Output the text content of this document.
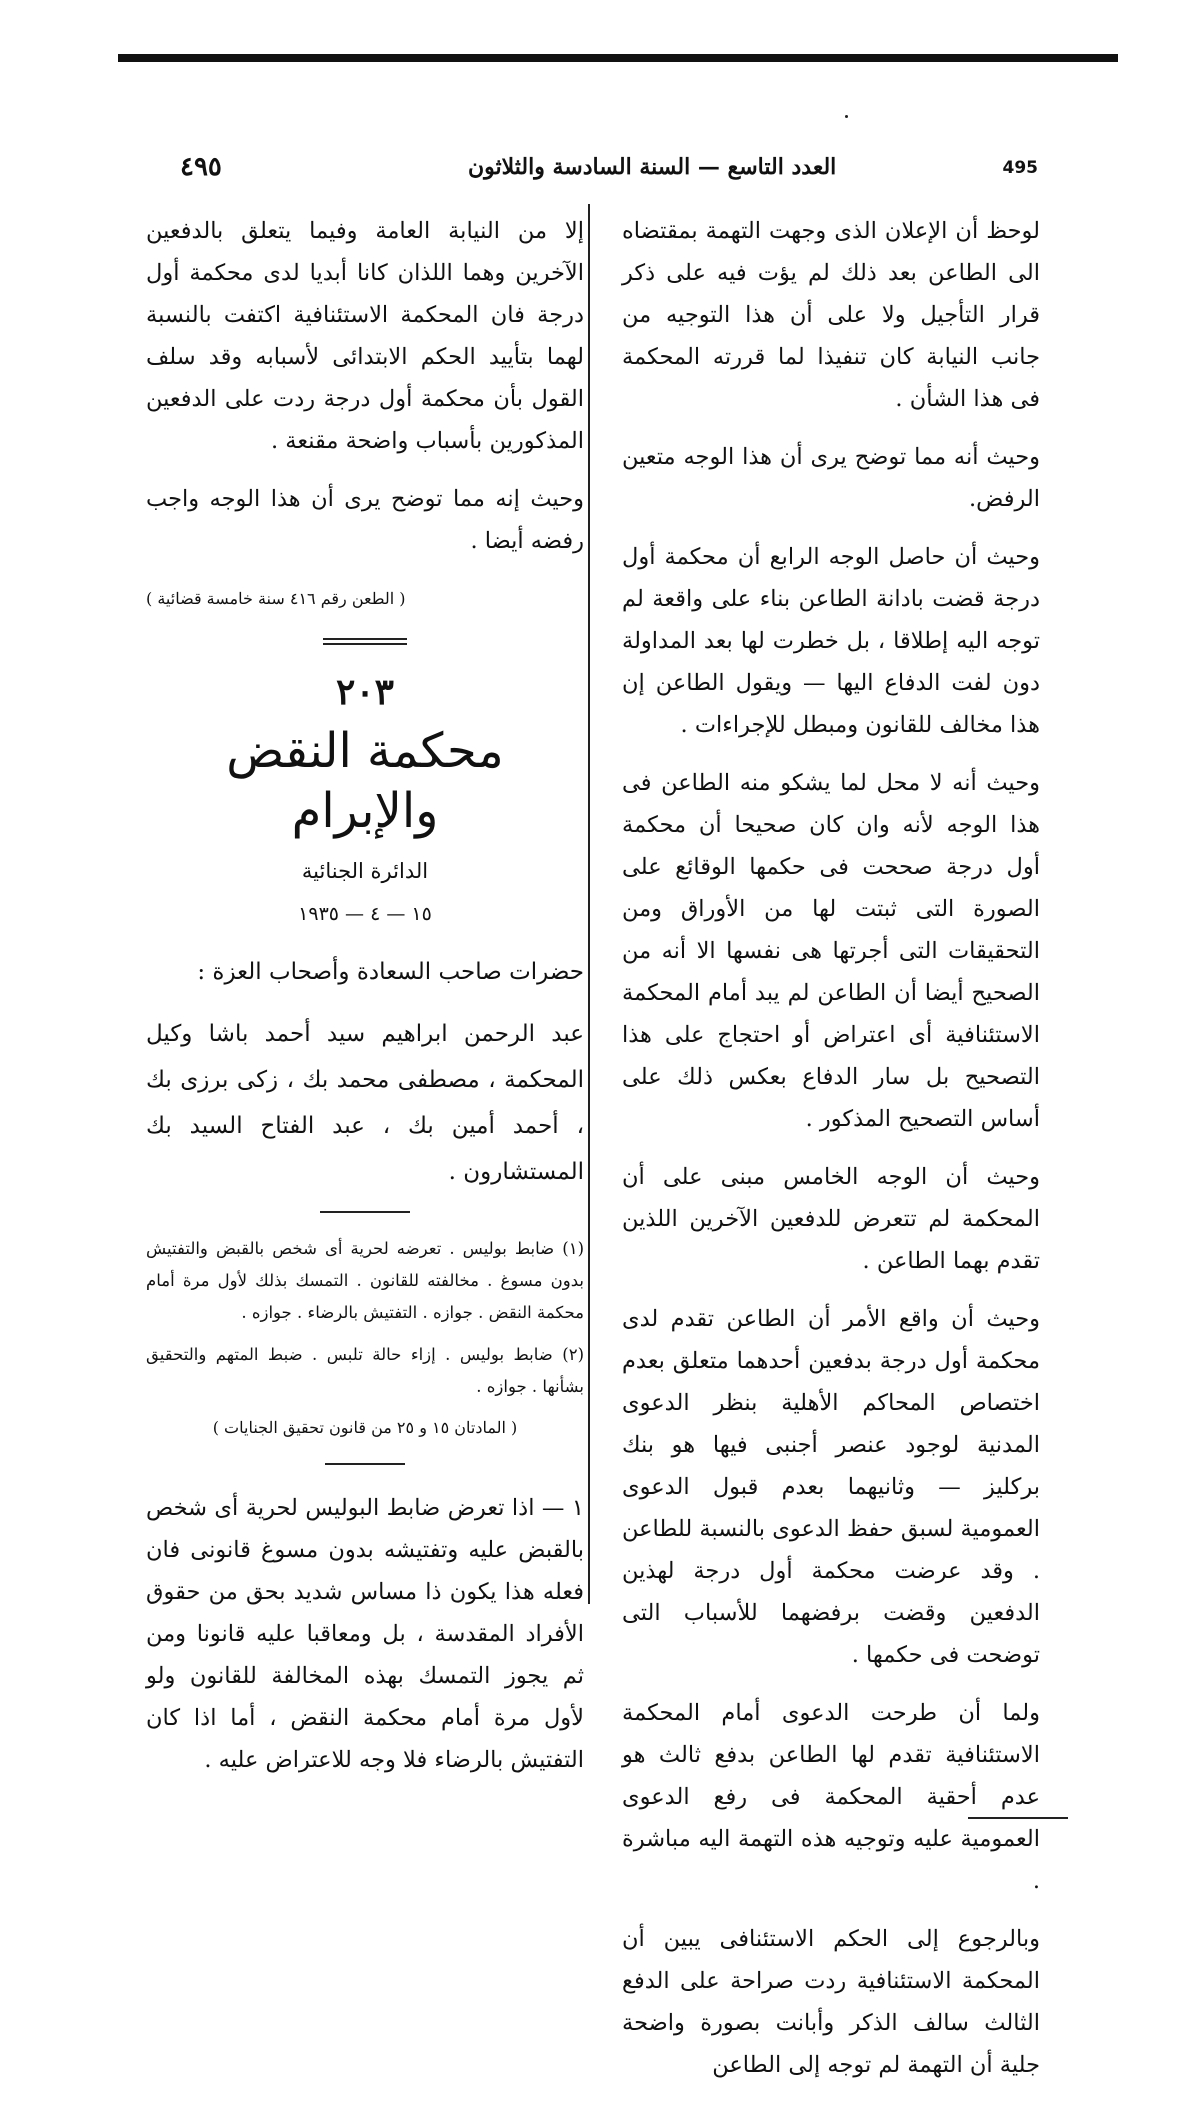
٤٩٥	العدد التاسع — السنة السادسة والثلاثون	495

لوحظ أن الإعلان الذى وجهت التهمة بمقتضاه الى الطاعن بعد ذلك لم يؤت فيه على ذكر قرار التأجيل ولا على أن هذا التوجيه من جانب النيابة كان تنفيذا لما قررته المحكمة فى هذا الشأن .

وحيث أنه مما توضح يرى أن هذا الوجه متعين الرفض.

وحيث أن حاصل الوجه الرابع أن محكمة أول درجة قضت بادانة الطاعن بناء على واقعة لم توجه اليه إطلاقا ، بل خطرت لها بعد المداولة دون لفت الدفاع اليها — ويقول الطاعن إن هذا مخالف للقانون ومبطل للإجراءات .

وحيث أنه لا محل لما يشكو منه الطاعن فى هذا الوجه لأنه وان كان صحيحا أن محكمة أول درجة صححت فى حكمها الوقائع على الصورة التى ثبتت لها من الأوراق ومن التحقيقات التى أجرتها هى نفسها الا أنه من الصحيح أيضا أن الطاعن لم يبد أمام المحكمة الاستئنافية أى اعتراض أو احتجاج على هذا التصحيح بل سار الدفاع بعكس ذلك على أساس التصحيح المذكور .

وحيث أن الوجه الخامس مبنى على أن المحكمة لم تتعرض للدفعين الآخرين اللذين تقدم بهما الطاعن .

وحيث أن واقع الأمر أن الطاعن تقدم لدى محكمة أول درجة بدفعين أحدهما متعلق بعدم اختصاص المحاكم الأهلية بنظر الدعوى المدنية لوجود عنصر أجنبى فيها هو بنك بركليز — وثانيهما بعدم قبول الدعوى العمومية لسبق حفظ الدعوى بالنسبة للطاعن . وقد عرضت محكمة أول درجة لهذين الدفعين وقضت برفضهما للأسباب التى توضحت فى حكمها .

ولما أن طرحت الدعوى أمام المحكمة الاستئنافية تقدم لها الطاعن بدفع ثالث هو عدم أحقية المحكمة فى رفع الدعوى العمومية عليه وتوجيه هذه التهمة اليه مباشرة .

وبالرجوع إلى الحكم الاستئنافى يبين أن المحكمة الاستئنافية ردت صراحة على الدفع الثالث سالف الذكر وأبانت بصورة واضحة جلية أن التهمة لم توجه إلى الطاعن

إلا من النيابة العامة وفيما يتعلق بالدفعين الآخرين وهما اللذان كانا أبديا لدى محكمة أول درجة فان المحكمة الاستئنافية اكتفت بالنسبة لهما بتأييد الحكم الابتدائى لأسبابه وقد سلف القول بأن محكمة أول درجة ردت على الدفعين المذكورين بأسباب واضحة مقنعة .

وحيث إنه مما توضح يرى أن هذا الوجه واجب رفضه أيضا .

( الطعن رقم ٤١٦ سنة خامسة قضائية )

٢٠٣

محكمة النقض والإبرام

الدائرة الجنائية

١٥ — ٤ — ١٩٣٥

حضرات صاحب السعادة وأصحاب العزة :

عبد الرحمن ابراهيم سيد أحمد باشا وكيل المحكمة ، مصطفى محمد بك ، زكى برزى بك ، أحمد أمين بك ، عبد الفتاح السيد بك المستشارون .

(١) ضابط بوليس . تعرضه لحرية أى شخص بالقبض والتفتيش بدون مسوغ . مخالفته للقانون . التمسك بذلك لأول مرة أمام محكمة النقض . جوازه . التفتيش بالرضاء . جوازه .

(٢) ضابط بوليس . إزاء حالة تلبس . ضبط المتهم والتحقيق بشأنها . جوازه .

( المادتان ١٥ و ٢٥ من قانون تحقيق الجنايات )

١ — اذا تعرض ضابط البوليس لحرية أى شخص بالقبض عليه وتفتيشه بدون مسوغ قانونى فان فعله هذا يكون ذا مساس شديد بحق من حقوق الأفراد المقدسة ، بل ومعاقبا عليه قانونا ومن ثم يجوز التمسك بهذه المخالفة للقانون ولو لأول مرة أمام محكمة النقض ، أما اذا كان التفتيش بالرضاء فلا وجه للاعتراض عليه .
